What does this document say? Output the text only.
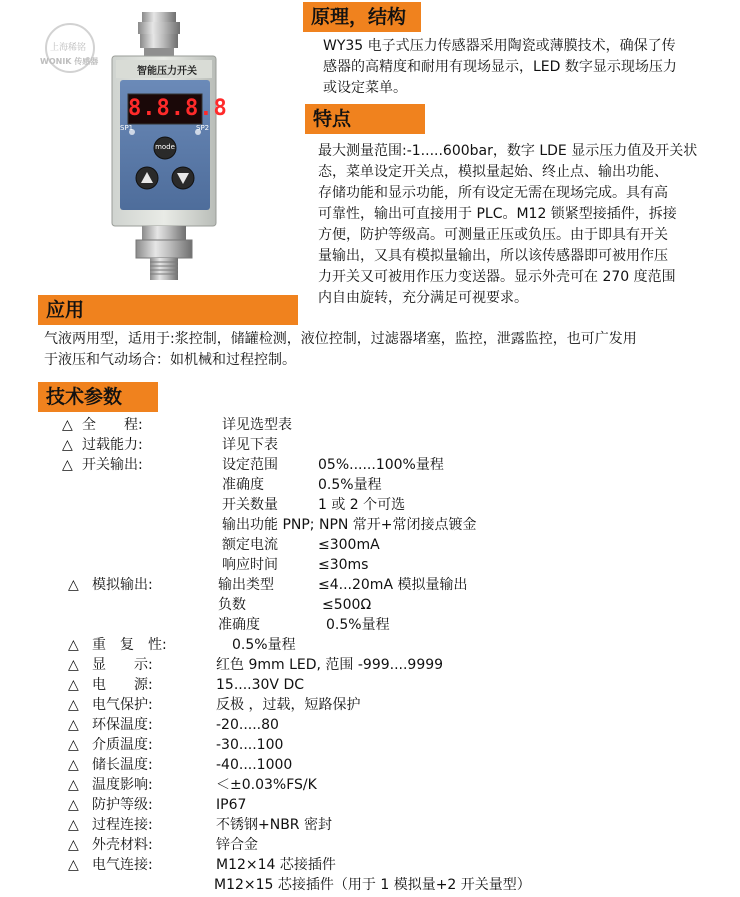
智能压力开关
8.8.8.8
SP1	SP2
mode
上海稀铭
WONIK 传感器
原理，结构
WY35 电子式压力传感器采用陶瓷或薄膜技术，确保了传
感器的高精度和耐用有现场显示，LED 数字显示现场压力
或设定菜单。
特点
最大测量范围:-1.....600bar，数字 LDE 显示压力值及开关状
态，菜单设定开关点，模拟量起始、终止点、输出功能、
存储功能和显示功能，所有设定无需在现场完成。具有高
可靠性，输出可直接用于 PLC。M12 锁紧型接插件，拆接
方便，防护等级高。可测量正压或负压。由于即具有开关
量输出，又具有模拟量输出，所以该传感器即可被用作压
力开关又可被用作压力变送器。显示外壳可在 270 度范围
内自由旋转，充分满足可视要求。
应用
气液两用型，适用于:浆控制，储罐检测，液位控制，过滤器堵塞，监控，泄露监控，也可广发用
于液压和气动场合：如机械和过程控制。
技术参数
△ 全　　程:	详见选型表
△ 过载能力:	详见下表
△ 开关输出:	设定范围	05%......100%量程
准确度	0.5%量程
开关数量	1 或 2 个可选
输出功能 PNP; NPN 常开+常闭接点镀金
额定电流	≤300mA
响应时间	≤30ms
△ 模拟输出:	输出类型	≤4...20mA 模拟量输出
负数	≤500Ω
准确度	0.5%量程
△ 重　复　性:	0.5%量程
△ 显　　示:	红色 9mm LED, 范围 -999....9999
△ 电　　源:	15....30V DC
△ 电气保护:	反极 ，过载，短路保护
△ 环保温度:	-20.....80
△ 介质温度:	-30....100
△ 储长温度:	-40....1000
△ 温度影响:	＜±0.03%FS/K
△ 防护等级:	IP67
△ 过程连接:	不锈钢+NBR 密封
△ 外壳材料:	锌合金
△ 电气连接:	M12×14 芯接插件
M12×15 芯接插件（用于 1 模拟量+2 开关量型）
